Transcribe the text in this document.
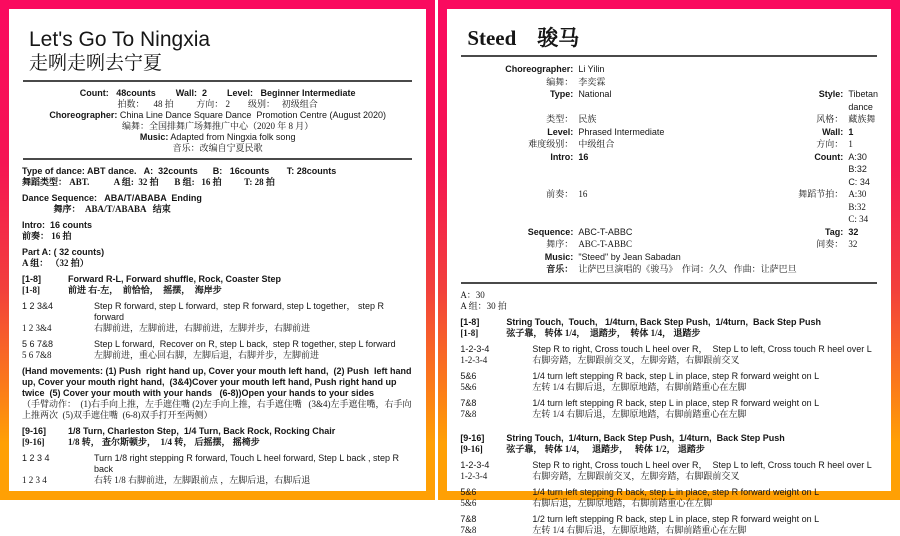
Let's Go To Ningxia
走咧走咧去宁夏
Count:   48counts        Wall:  2        Level:   Beginner Intermediate
拍数：    48 拍          方向： 2        级别：   初级组合
Choreographer: China Line Dance Square Dance  Promotion Centre (August 2020)
编舞：全国排舞广场舞推广中心（2020 年 8 月）
Music: Adapted from Ningxia folk song
音乐：改编自宁夏民歌
Type of dance: ABT dance.   A:  32counts      B:   16counts       T: 28counts
舞蹈类型： ABT.           A 组:  32 拍       B 组:   16 拍          T: 28 拍
Dance Sequence:   ABA/T/ABABA  Ending
舞序：  ABA/T/ABABA   结束
Intro:  16 counts
前奏： 16 拍
Part A: ( 32 counts)
A 组： （32 拍）
[1-8]	Forward R-L, Forward shuffle, Rock, Coaster Step
[1-8]	前进 右-左，  前恰恰，  摇摆，  海岸步
1 2 3&4	Step R forward, step L forward,  step R forward, step L together， step R forward
1 2 3&4	右脚前进，左脚前进，右脚前进，左脚并步，右脚前进
5 6 7&8	Step L forward,  Recover on R, step L back,  step R together, step L forward
5 6 7&8	左脚前进，重心回右脚，左脚后退，右脚并步，左脚前进
(Hand movements: (1) Push  right hand up, Cover your mouth left hand,  (2) Push  left hand up, Cover your mouth right hand,  (3&4)Cover your mouth left hand, Push right hand up twice  (5) Cover your mouth with your hands   (6-8))Open your hands to your sides
（手臂动作：  (1)右手向上推，左手遮住嘴 (2)左手向上推，右手遮住嘴   (3&4)左手遮住嘴，右手向上推两次  (5)双手遮住嘴  (6-8)双手打开至两侧）
[9-16]	1/8 Turn, Charleston Step,  1/4 Turn, Back Rock, Rocking Chair
[9-16]	1/8 转， 查尔斯顿步，  1/4 转， 后摇摆， 摇椅步
1 2 3 4	Turn 1/8 right stepping R forward, Touch L heel forward, Step L back , step R back
1 2 3 4	右转 1/8 右脚前进，左脚跟前点 ，左脚后退，右脚后退
Steed　骏马
Choreographer: Li Yilin
编舞： 李奕霖
Type: National	Style: Tibetan dance
类型： 民族	风格： 藏族舞
Level: Phrased Intermediate	Wall: 1
难度级别： 中级组合	方向： 1
Intro: 16	Count: A:30  B:32  C: 34
前奏： 16	舞蹈节拍： A:30  B:32  C: 34
Sequence: ABC-T-ABBC	Tag: 32
舞序： ABC-T-ABBC	间奏： 32
Music: "Steed" by Jean Sabadan
音乐： 让萨巴旦演唱的《骏马》  作词：久久   作曲：让萨巴旦
A：30
A 组：30 拍
[1-8]	String Touch,  Touch,   1/4turn, Back Step Push,  1/4turn,  Back Step Push
[1-8]	弦子靠， 转体 1/4，  退踏步，  转体 1/4， 退踏步
1-2-3-4	Step R to right, Cross touch L heel over R，  Step L to left, Cross touch R heel over L
1-2-3-4	右脚旁踏，左脚跟前交叉，左脚旁踏，右脚跟前交叉
5&6	1/4 turn left stepping R back, step L in place, step R forward weight on L
5&6	左转 1/4 右脚后退，左脚原地踏，右脚前踏重心在左脚
7&8	1/4 turn left stepping R back, step L in place, step R forward weight on L
7&8	左转 1/4 右脚后退，左脚原地踏，右脚前踏重心在左脚
[9-16]	String Touch,  1/4turn, Back Step Push,  1/4turn,  Back Step Push
[9-16]	弦子靠， 转体 1/4，   退踏步，   转体 1/2， 退踏步
1-2-3-4	Step R to right, Cross touch L heel over R，  Step L to left, Cross touch R heel over L
1-2-3-4	右脚旁踏，左脚跟前交叉，左脚旁踏，右脚跟前交叉
5&6	1/4 turn left stepping R back, step L in place, step R forward weight on L
5&6	右脚后退，左脚原地踏，右脚前踏重心在左脚
7&8	1/2 turn left stepping R back, step L in place, step R forward weight on L
7&8	左转 1/4 右脚后退，左脚原地踏，右脚前踏重心在左脚
